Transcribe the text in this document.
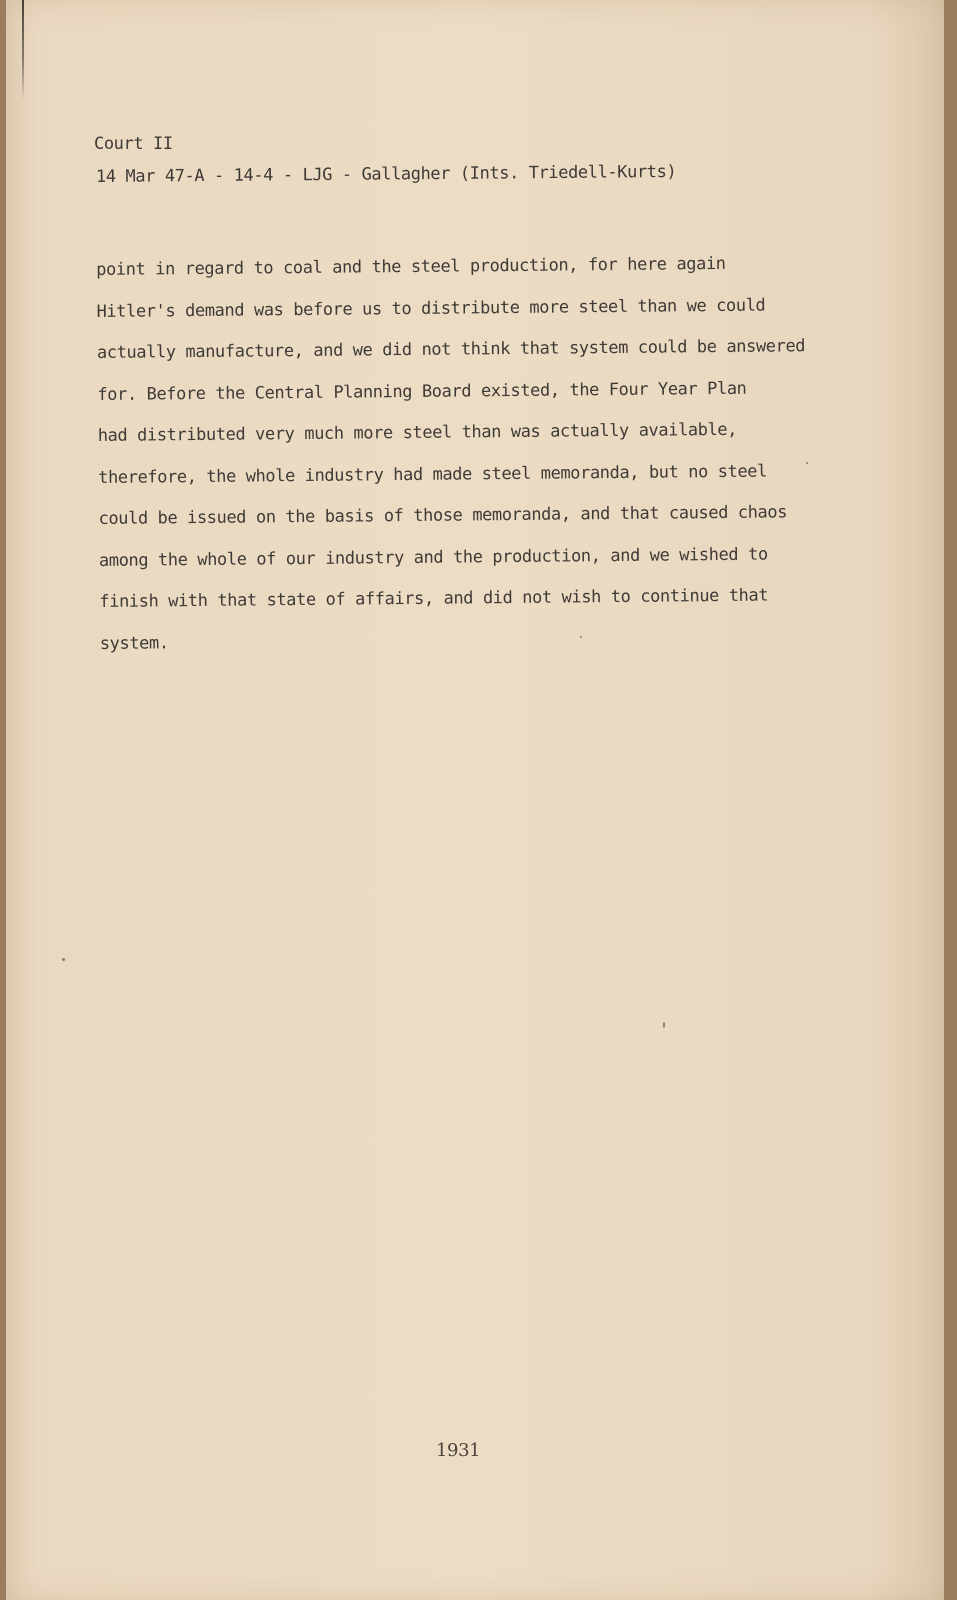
Court II
14 Mar 47-A - 14-4 - LJG - Gallagher (Ints. Triedell-Kurts)
point in regard to coal and the steel production, for here again
Hitler's demand was before us to distribute more steel than we could
actually manufacture, and we did not think that system could be answered
for. Before the Central Planning Board existed, the Four Year Plan
had distributed very much more steel than was actually available,
therefore, the whole industry had made steel memoranda, but no steel
could be issued on the basis of those memoranda, and that caused chaos
among the whole of our industry and the production, and we wished to
finish with that state of affairs, and did not wish to continue that
system.
1931
